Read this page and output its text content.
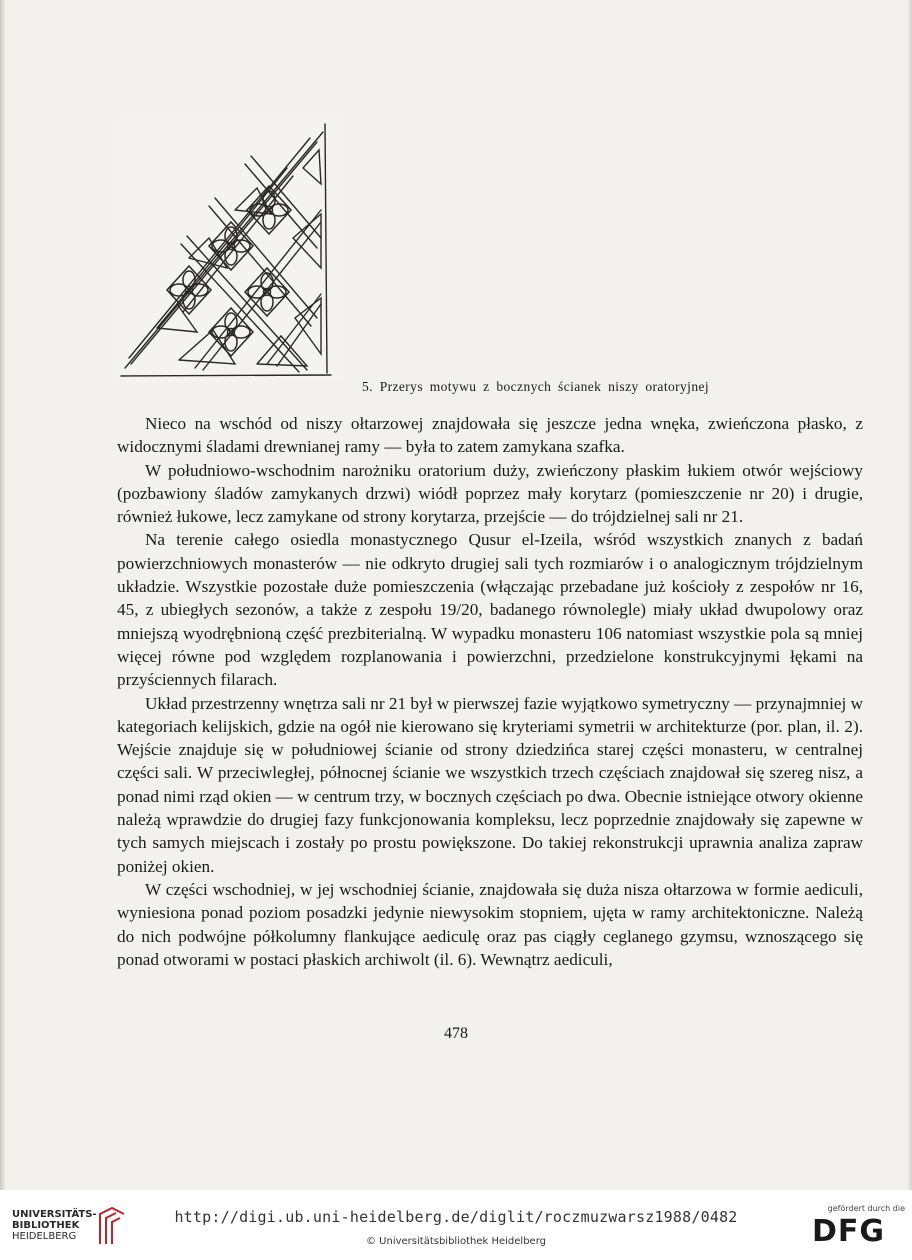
5. Przerys motywu z bocznych ścianek niszy oratoryjnej

Nieco na wschód od niszy ołtarzowej znajdowała się jeszcze jedna wnęka, zwieńczona płasko, z widocznymi śladami drewnianej ramy — była to zatem zamykana szafka.

W południowo-wschodnim narożniku oratorium duży, zwieńczony płaskim łukiem otwór wejściowy (pozbawiony śladów zamykanych drzwi) wiódł poprzez mały korytarz (pomieszczenie nr 20) i drugie, również łukowe, lecz zamykane od strony korytarza, przejście — do trójdzielnej sali nr 21.

Na terenie całego osiedla monastycznego Qusur el-Izeila, wśród wszystkich znanych z badań powierzchniowych monasterów — nie odkryto drugiej sali tych rozmiarów i o analogicznym trójdzielnym układzie. Wszystkie pozostałe duże pomieszczenia (włączając przebadane już kościoły z zespołów nr 16, 45, z ubiegłych sezonów, a także z zespołu 19/20, badanego równolegle) miały układ dwupolowy oraz mniejszą wyodrębnioną część prezbiterialną. W wypadku monasteru 106 natomiast wszystkie pola są mniej więcej równe pod względem rozplanowania i powierzchni, przedzielone konstrukcyjnymi łękami na przyściennych filarach.

Układ przestrzenny wnętrza sali nr 21 był w pierwszej fazie wyjątkowo symetryczny — przynajmniej w kategoriach kelijskich, gdzie na ogół nie kierowano się kryteriami symetrii w architekturze (por. plan, il. 2). Wejście znajduje się w południowej ścianie od strony dziedzińca starej części monasteru, w centralnej części sali. W przeciwległej, północnej ścianie we wszystkich trzech częściach znajdował się szereg nisz, a ponad nimi rząd okien — w centrum trzy, w bocznych częściach po dwa. Obecnie istniejące otwory okienne należą wprawdzie do drugiej fazy funkcjonowania kompleksu, lecz poprzednie znajdowały się zapewne w tych samych miejscach i zostały po prostu powiększone. Do takiej rekonstrukcji uprawnia analiza zapraw poniżej okien.

W części wschodniej, w jej wschodniej ścianie, znajdowała się duża nisza ołtarzowa w formie aediculi, wyniesiona ponad poziom posadzki jedynie niewysokim stopniem, ujęta w ramy architektoniczne. Należą do nich podwójne półkolumny flankujące aediculę oraz pas ciągły ceglanego gzymsu, wznoszącego się ponad otworami w postaci płaskich archiwolt (il. 6). Wewnątrz aediculi,

478
UNIVERSITÄTS-
BIBLIOTHEK
HEIDELBERG
http://digi.ub.uni-heidelberg.de/diglit/roczmuzwarsz1988/0482
© Universitätsbibliothek Heidelberg
gefördert durch die
DFG
